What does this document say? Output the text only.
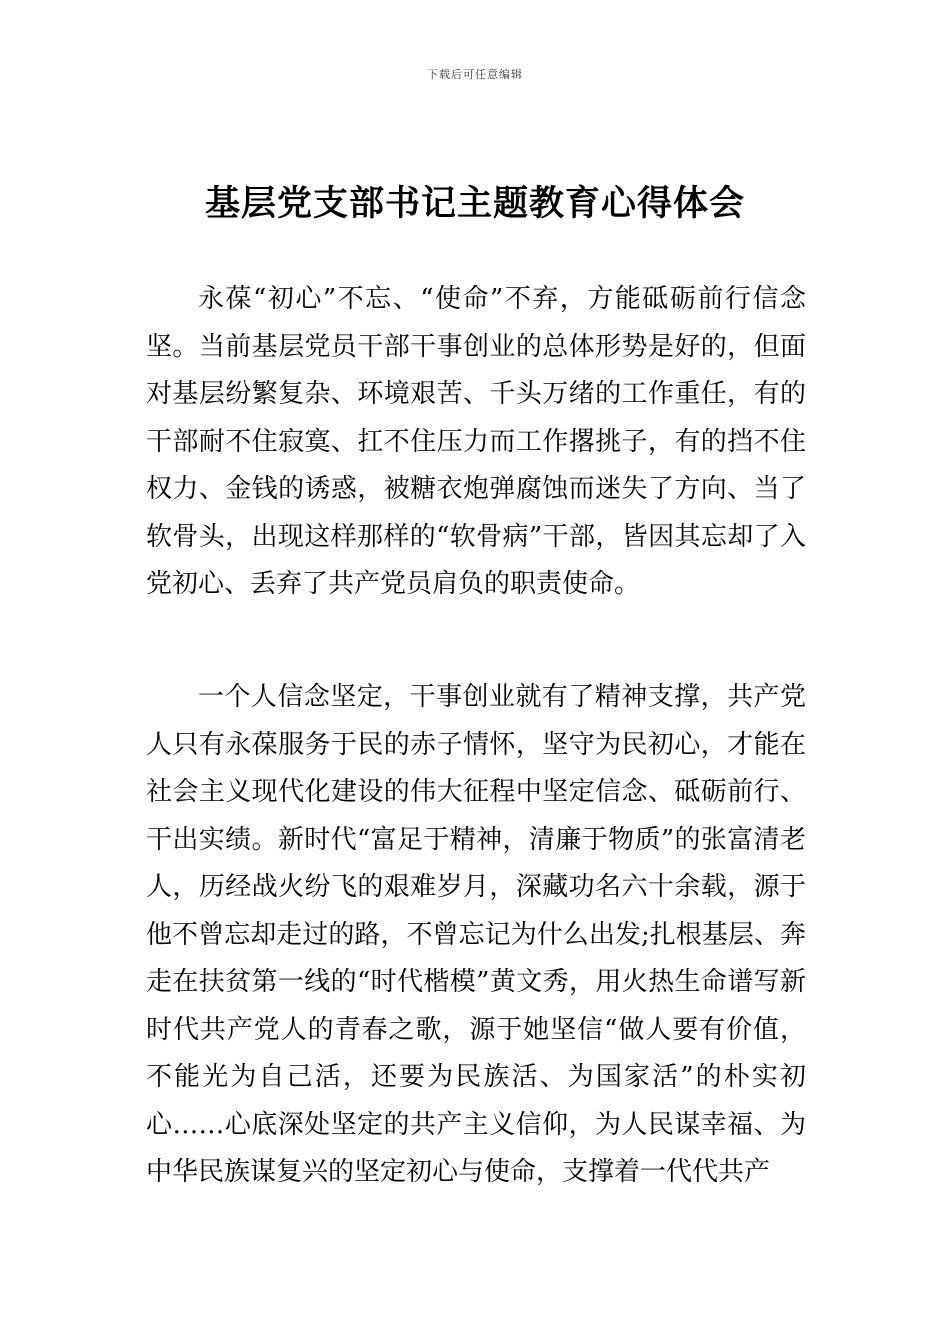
下载后可任意编辑
基层党支部书记主题教育心得体会

永葆“初心”不忘、“使命”不弃，方能砥砺前行信念坚。当前基层党员干部干事创业的总体形势是好的，但面对基层纷繁复杂、环境艰苦、千头万绪的工作重任，有的干部耐不住寂寞、扛不住压力而工作撂挑子，有的挡不住权力、金钱的诱惑，被糖衣炮弹腐蚀而迷失了方向、当了软骨头，出现这样那样的“软骨病”干部，皆因其忘却了入党初心、丢弃了共产党员肩负的职责使命。

一个人信念坚定，干事创业就有了精神支撑，共产党人只有永葆服务于民的赤子情怀，坚守为民初心，才能在社会主义现代化建设的伟大征程中坚定信念、砥砺前行、干出实绩。新时代“富足于精神，清廉于物质”的张富清老人，历经战火纷飞的艰难岁月，深藏功名六十余载，源于他不曾忘却走过的路，不曾忘记为什么出发;扎根基层、奔走在扶贫第一线的“时代楷模”黄文秀，用火热生命谱写新时代共产党人的青春之歌，源于她坚信“做人要有价值，不能光为自己活，还要为民族活、为国家活”的朴实初心……心底深处坚定的共产主义信仰，为人民谋幸福、为中华民族谋复兴的坚定初心与使命，支撑着一代代共产
